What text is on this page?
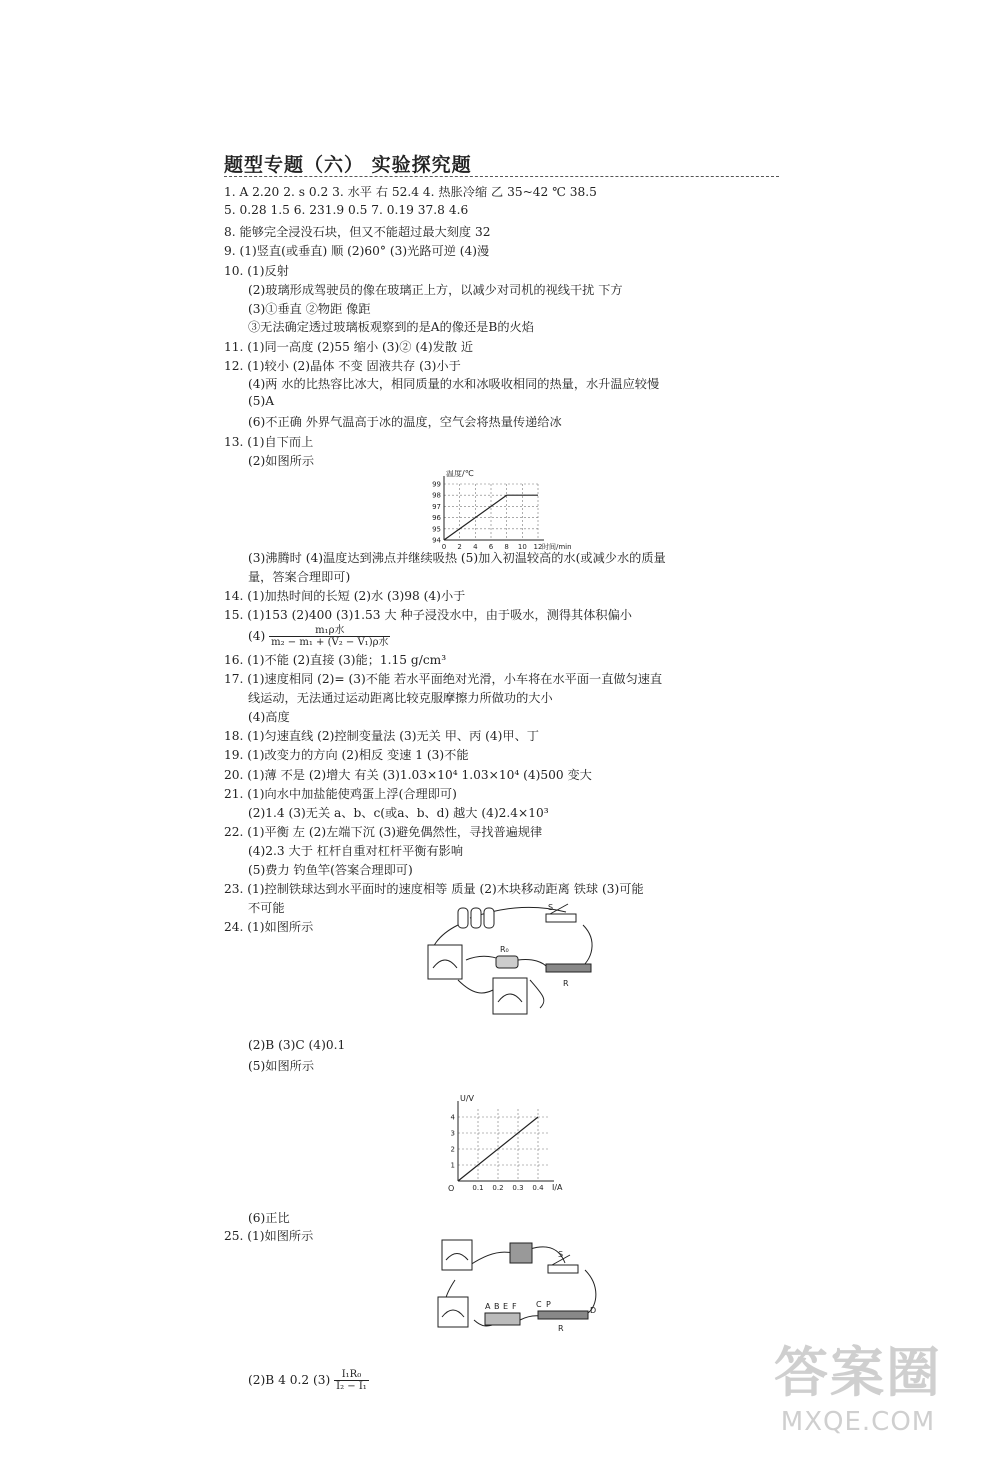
题型专题（六） 实验探究题
1. A 2.20 2. s 0.2 3. 水平 右 52.4 4. 热胀冷缩 乙 35~42 ℃ 38.5
5. 0.28 1.5 6. 231.9 0.5 7. 0.19 37.8 4.6
8. 能够完全浸没石块，但又不能超过最大刻度 32
9. (1)竖直(或垂直) 顺 (2)60° (3)光路可逆 (4)漫
10. (1)反射
(2)玻璃形成驾驶员的像在玻璃正上方，以减少对司机的视线干扰 下方
(3)①垂直 ②物距 像距
③无法确定透过玻璃板观察到的是A的像还是B的火焰
11. (1)同一高度 (2)55 缩小 (3)② (4)发散 近
12. (1)较小 (2)晶体 不变 固液共存 (3)小于
(4)两 水的比热容比冰大，相同质量的水和冰吸收相同的热量，水升温应较慢
(5)A
(6)不正确 外界气温高于冰的温度，空气会将热量传递给冰
13. (1)自下而上
(2)如图所示
(3)沸腾时 (4)温度达到沸点并继续吸热 (5)加入初温较高的水(或减少水的质量
量，答案合理即可)
14. (1)加热时间的长短 (2)水 (3)98 (4)小于
15. (1)153 (2)400 (3)1.53 大 种子浸没水中，由于吸水，测得其体积偏小
$(4) \frac{\text{m₁ρ水}}{\text{m₂ − m₁ + (V₂ − V₁)ρ水}}$
16. (1)不能 (2)直接 (3)能；1.15 g/cm³
17. (1)速度相同 (2)= (3)不能 若水平面绝对光滑，小车将在水平面一直做匀速直
线运动，无法通过运动距离比较克服摩擦力所做功的大小
(4)高度
18. (1)匀速直线 (2)控制变量法 (3)无关 甲、丙 (4)甲、丁
19. (1)改变力的方向 (2)相反 变速 1 (3)不能
20. (1)薄 不是 (2)增大 有关 (3)1.03×10⁴ 1.03×10⁴ (4)500 变大
21. (1)向水中加盐能使鸡蛋上浮(合理即可)
(2)1.4 (3)无关 a、b、c(或a、b、d) 越大 (4)2.4×10³
22. (1)平衡 左 (2)左端下沉 (3)避免偶然性，寻找普遍规律
(4)2.3 大于 杠杆自重对杠杆平衡有影响
(5)费力 钓鱼竿(答案合理即可)
23. (1)控制铁球达到水平面时的速度相等 质量 (2)木块移动距离 铁球 (3)可能
不可能
24. (1)如图所示
(2)B (3)C (4)0.1
(5)如图所示
(6)正比
25. (1)如图所示
(2)B 4 0.2 $(3) \frac{\text{I₁R₀}}{\text{I₂ − I₁}}$
温度/℃
时间/min
0 2 4 6 8 10 12
94
95
96
97
98
99
S
R₀
R
U/V
I/A
O	0.1 0.2 0.3 0.4
1
2
3
4
S
A B E F C P
D
R
答案圈
MXQE.COM
